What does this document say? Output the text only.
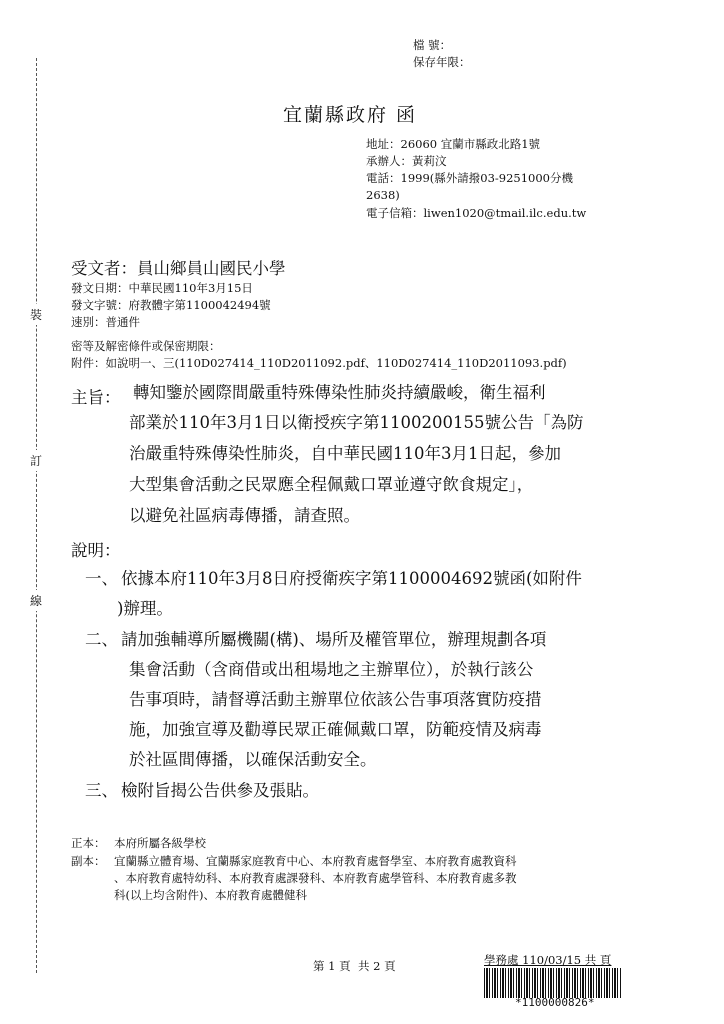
裝
訂
線
檔 號：
保存年限：
宜蘭縣政府 函
地址：26060 宜蘭市縣政北路1號
承辦人：黃莉汶
電話：1999(縣外請撥03-9251000分機
2638)
電子信箱：liwen1020@tmail.ilc.edu.tw
受文者：員山鄉員山國民小學
發文日期：中華民國110年3月15日
發文字號：府教體字第1100042494號
速別：普通件
密等及解密條件或保密期限：
附件：如說明一、三(110D027414_110D2011092.pdf、110D027414_110D2011093.pdf)
主旨： 轉知鑒於國際間嚴重特殊傳染性肺炎持續嚴峻，衛生福利
部業於110年3月1日以衛授疾字第1100200155號公告「為防
治嚴重特殊傳染性肺炎，自中華民國110年3月1日起，參加
大型集會活動之民眾應全程佩戴口罩並遵守飲食規定」，
以避免社區病毒傳播，請查照。
說明：
一、 依據本府110年3月8日府授衛疾字第1100004692號函(如附件
)辦理。
二、 請加強輔導所屬機關(構)、場所及權管單位，辦理規劃各項
集會活動（含商借或出租場地之主辦單位），於執行該公
告事項時，請督導活動主辦單位依該公告事項落實防疫措
施，加強宣導及勸導民眾正確佩戴口罩，防範疫情及病毒
於社區間傳播，以確保活動安全。
三、 檢附旨揭公告供參及張貼。
正本： 本府所屬各級學校
副本： 宜蘭縣立體育場、宜蘭縣家庭教育中心、本府教育處督學室、本府教育處教資科
、本府教育處特幼科、本府教育處課發科、本府教育處學管科、本府教育處多教
科(以上均含附件)、本府教育處體健科
第 1 頁  共 2 頁	學務處 110/03/15 共 頁
*1100000826*
